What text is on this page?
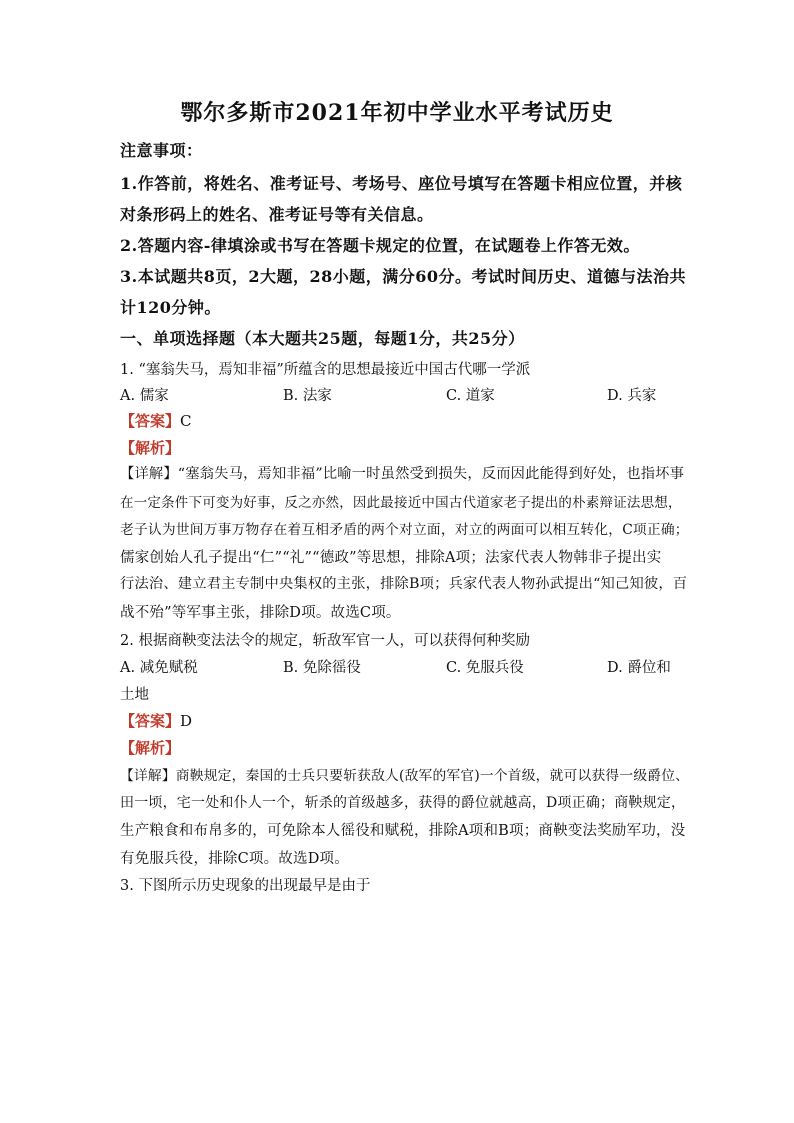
鄂尔多斯市2021年初中学业水平考试历史
注意事项：
1.作答前，将姓名、准考证号、考场号、座位号填写在答题卡相应位置，并核
对条形码上的姓名、准考证号等有关信息。
2.答题内容-律填涂或书写在答题卡规定的位置，在试题卷上作答无效。
3.本试题共8页，2大题，28小题，满分60分。考试时间历史、道德与法治共
计120分钟。
一、单项选择题（本大题共25题，每题1分，共25分）
1. “塞翁失马，焉知非福”所蕴含的思想最接近中国古代哪一学派
A. 儒家	B. 法家	C. 道家	D. 兵家
【答案】C
【解析】
【详解】“塞翁失马，焉知非福”比喻一时虽然受到损失，反而因此能得到好处，也指坏事
在一定条件下可变为好事，反之亦然，因此最接近中国古代道家老子提出的朴素辩证法思想，
老子认为世间万事万物存在着互相矛盾的两个对立面，对立的两面可以相互转化，C项正确；
儒家创始人孔子提出“仁”“礼”“德政”等思想，排除A项；法家代表人物韩非子提出实
行法治、建立君主专制中央集权的主张，排除B项；兵家代表人物孙武提出“知己知彼，百
战不殆”等军事主张，排除D项。故选C项。
2. 根据商鞅变法法令的规定，斩敌军官一人，可以获得何种奖励
A. 减免赋税	B. 免除徭役	C. 免服兵役	D. 爵位和
土地
【答案】D
【解析】
【详解】商鞅规定，秦国的士兵只要斩获敌人(敌军的军官)一个首级，就可以获得一级爵位、
田一顷，宅一处和仆人一个，斩杀的首级越多，获得的爵位就越高，D项正确；商鞅规定，
生产粮食和布帛多的，可免除本人徭役和赋税，排除A项和B项；商鞅变法奖励军功，没
有免服兵役，排除C项。故选D项。
3. 下图所示历史现象的出现最早是由于
